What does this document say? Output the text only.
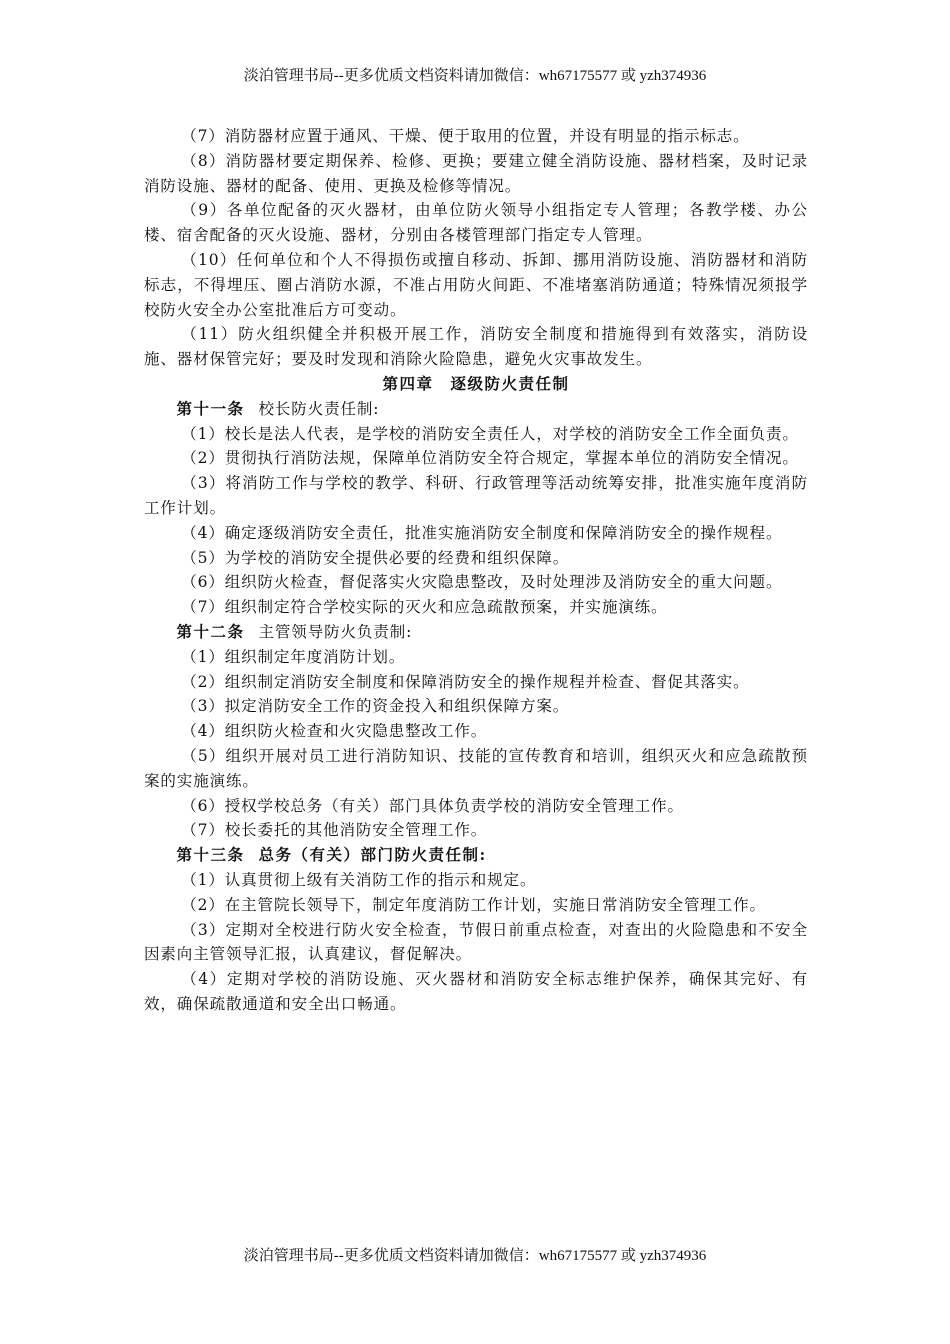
淡泊管理书局--更多优质文档资料请加微信：wh67175577 或 yzh374936

（7）消防器材应置于通风、干燥、便于取用的位置，并设有明显的指示标志。

（8）消防器材要定期保养、检修、更换；要建立健全消防设施、器材档案，及时记录消防设施、器材的配备、使用、更换及检修等情况。

（9）各单位配备的灭火器材，由单位防火领导小组指定专人管理；各教学楼、办公楼、宿舍配备的灭火设施、器材，分别由各楼管理部门指定专人管理。

（10）任何单位和个人不得损伤或擅自移动、拆卸、挪用消防设施、消防器材和消防标志，不得埋压、圈占消防水源，不准占用防火间距、不准堵塞消防通道；特殊情况须报学校防火安全办公室批准后方可变动。

（11）防火组织健全并积极开展工作，消防安全制度和措施得到有效落实，消防设施、器材保管完好；要及时发现和消除火险隐患，避免火灾事故发生。

第四章　逐级防火责任制

第十一条 校长防火责任制:

（1）校长是法人代表，是学校的消防安全责任人，对学校的消防安全工作全面负责。

（2）贯彻执行消防法规，保障单位消防安全符合规定，掌握本单位的消防安全情况。

（3）将消防工作与学校的教学、科研、行政管理等活动统筹安排，批准实施年度消防工作计划。

（4）确定逐级消防安全责任，批准实施消防安全制度和保障消防安全的操作规程。

（5）为学校的消防安全提供必要的经费和组织保障。

（6）组织防火检查，督促落实火灾隐患整改，及时处理涉及消防安全的重大问题。

（7）组织制定符合学校实际的灭火和应急疏散预案，并实施演练。

第十二条 主管领导防火负责制:

（1）组织制定年度消防计划。

（2）组织制定消防安全制度和保障消防安全的操作规程并检查、督促其落实。

（3）拟定消防安全工作的资金投入和组织保障方案。

（4）组织防火检查和火灾隐患整改工作。

（5）组织开展对员工进行消防知识、技能的宣传教育和培训，组织灭火和应急疏散预案的实施演练。

（6）授权学校总务（有关）部门具体负责学校的消防安全管理工作。

（7）校长委托的其他消防安全管理工作。

第十三条 总务（有关）部门防火责任制:

（1）认真贯彻上级有关消防工作的指示和规定。

（2）在主管院长领导下，制定年度消防工作计划，实施日常消防安全管理工作。

（3）定期对全校进行防火安全检查，节假日前重点检查，对查出的火险隐患和不安全因素向主管领导汇报，认真建议，督促解决。

（4）定期对学校的消防设施、灭火器材和消防安全标志维护保养，确保其完好、有效，确保疏散通道和安全出口畅通。

淡泊管理书局--更多优质文档资料请加微信：wh67175577 或 yzh374936
